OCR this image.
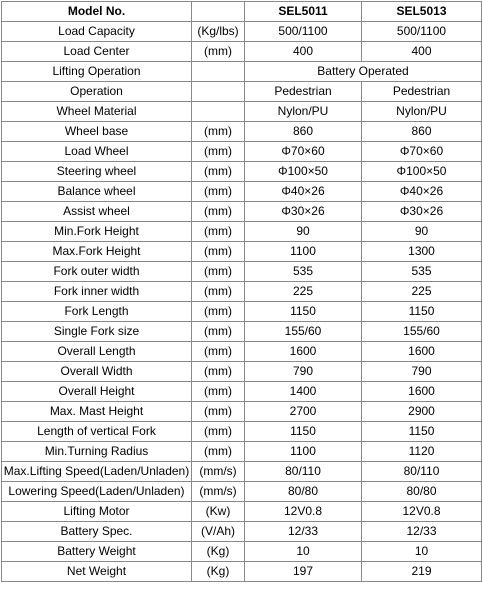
Model No.		SEL5011	SEL5013
Load Capacity	(Kg/lbs)	500/1100	500/1100
Load Center	(mm)	400	400
Lifting Operation		Battery Operated	
Operation		Pedestrian	Pedestrian
Wheel Material		Nylon/PU	Nylon/PU
Wheel base	(mm)	860	860
Load Wheel	(mm)	Φ70×60	Φ70×60
Steering wheel	(mm)	Φ100×50	Φ100×50
Balance wheel	(mm)	Φ40×26	Φ40×26
Assist wheel	(mm)	Φ30×26	Φ30×26
Min.Fork Height	(mm)	90	90
Max.Fork Height	(mm)	1100	1300
Fork outer width	(mm)	535	535
Fork inner width	(mm)	225	225
Fork Length	(mm)	1150	1150
Single Fork size	(mm)	155/60	155/60
Overall Length	(mm)	1600	1600
Overall Width	(mm)	790	790
Overall Height	(mm)	1400	1600
Max. Mast Height	(mm)	2700	2900
Length of vertical Fork	(mm)	1150	1150
Min.Turning Radius	(mm)	1100	1120
Max.Lifting Speed(Laden/Unladen)	(mm/s)	80/110	80/110
Lowering Speed(Laden/Unladen)	(mm/s)	80/80	80/80
Lifting Motor	(Kw)	12V0.8	12V0.8
Battery Spec.	(V/Ah)	12/33	12/33
Battery Weight	(Kg)	10	10
Net Weight	(Kg)	197	219
